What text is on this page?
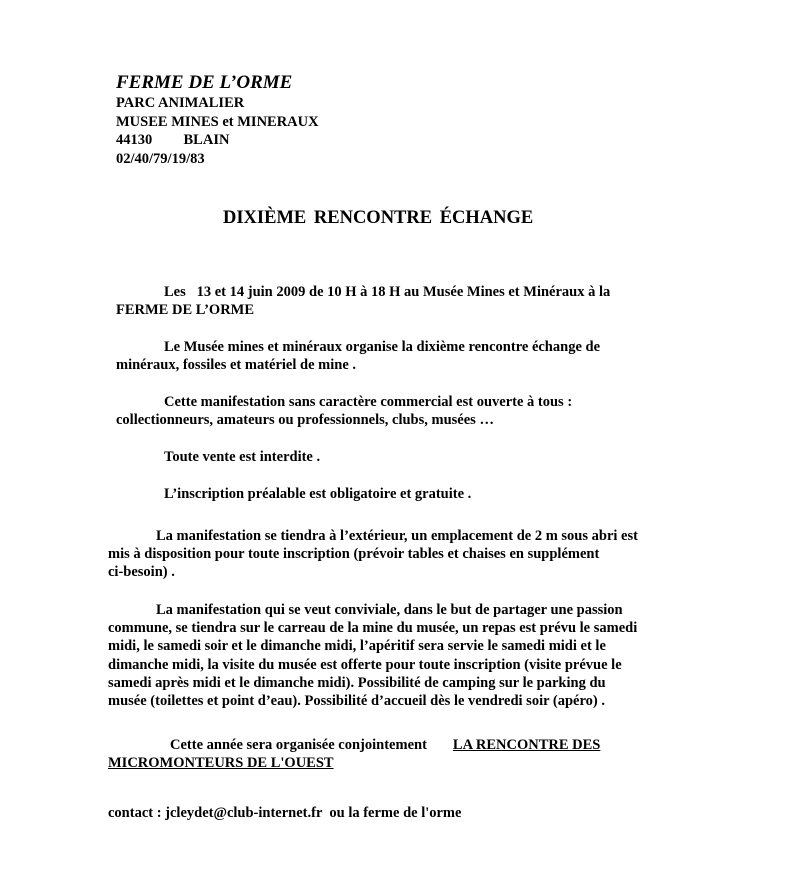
FERME DE L’ORME
PARC ANIMALIER
MUSEE MINES et MINERAUX
44130 BLAIN
02/40/79/19/83
DIXIÈME RENCONTRE ÉCHANGE
Les   13 et 14 juin 2009 de 10 H à 18 H au Musée Mines et Minéraux à la
FERME DE L’ORME
Le Musée mines et minéraux organise la dixième rencontre échange de
minéraux, fossiles et matériel de mine .
Cette manifestation sans caractère commercial est ouverte à tous :
collectionneurs, amateurs ou professionnels, clubs, musées …
Toute vente est interdite .
L’inscription préalable est obligatoire et gratuite .
La manifestation se tiendra à l’extérieur, un emplacement de 2 m sous abri est
mis à disposition pour toute inscription (prévoir tables et chaises en supplément
ci-besoin) .
La manifestation qui se veut conviviale, dans le but de partager une passion
commune, se tiendra sur le carreau de la mine du musée, un repas est prévu le samedi
midi, le samedi soir et le dimanche midi, l’apéritif sera servie le samedi midi et le
dimanche midi, la visite du musée est offerte pour toute inscription (visite prévue le
samedi après midi et le dimanche midi). Possibilité de camping sur le parking du
musée (toilettes et point d’eau). Possibilité d’accueil dès le vendredi soir (apéro) .
Cette année sera organisée conjointement LA RENCONTRE DES
MICROMONTEURS DE L'OUEST
contact : jcleydet@club-internet.fr  ou la ferme de l'orme
